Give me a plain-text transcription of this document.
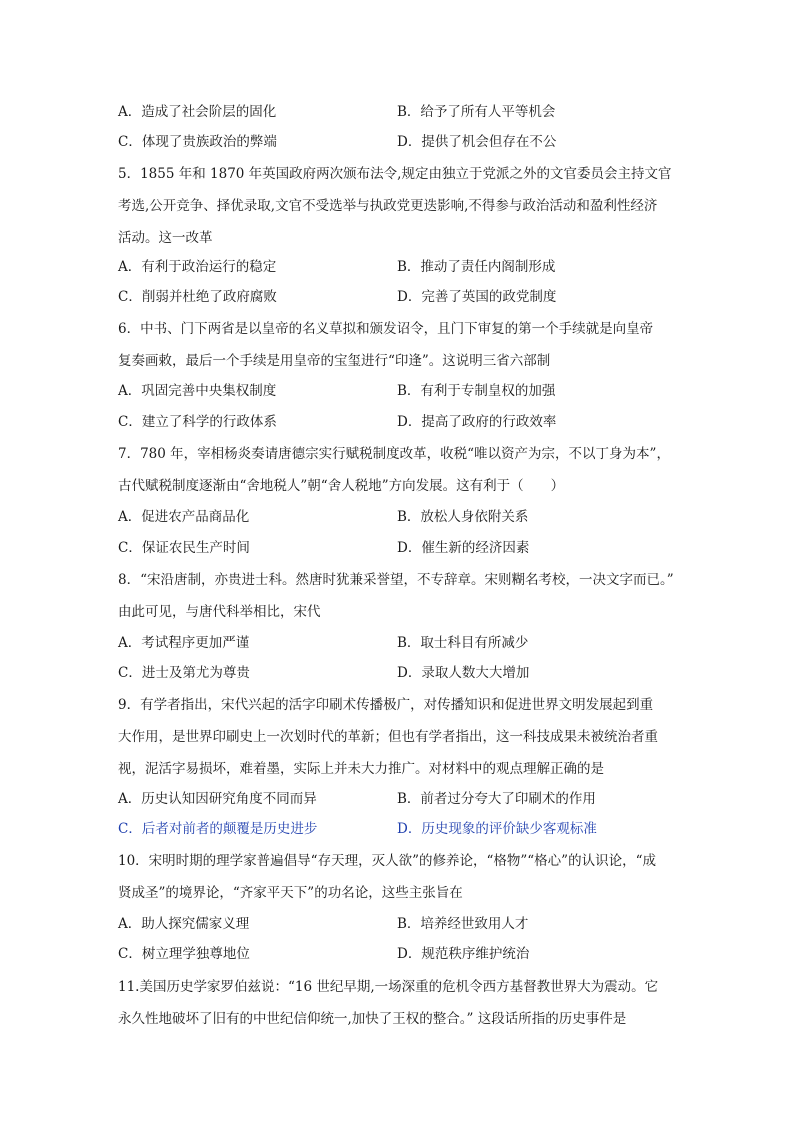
A．造成了社会阶层的固化	B．给予了所有人平等机会
C．体现了贵族政治的弊端	D．提供了机会但存在不公
5．1855 年和 1870 年英国政府两次颁布法令,规定由独立于党派之外的文官委员会主持文官
考选,公开竞争、择优录取,文官不受选举与执政党更迭影响,不得参与政治活动和盈利性经济
活动。这一改革
A．有利于政治运行的稳定	B．推动了责任内阁制形成
C．削弱并杜绝了政府腐败	D．完善了英国的政党制度
6．中书、门下两省是以皇帝的名义草拟和颁发诏令，且门下审复的第一个手续就是向皇帝
复奏画敕，最后一个手续是用皇帝的宝玺进行“印逢”。这说明三省六部制
A．巩固完善中央集权制度	B．有利于专制皇权的加强
C．建立了科学的行政体系	D．提高了政府的行政效率
7．780 年，宰相杨炎奏请唐德宗实行赋税制度改革，收税“唯以资产为宗，不以丁身为本”，
古代赋税制度逐渐由“舍地税人”朝“舍人税地”方向发展。这有利于（　　）
A．促进农产品商品化	B．放松人身依附关系
C．保证农民生产时间	D．催生新的经济因素
8．“宋沿唐制，亦贵进士科。然唐时犹兼采誉望，不专辞章。宋则糊名考校，一决文字而已。”
由此可见，与唐代科举相比，宋代
A．考试程序更加严谨	B．取士科目有所减少
C．进士及第尤为尊贵	D．录取人数大大增加
9．有学者指出，宋代兴起的活字印刷术传播极广，对传播知识和促进世界文明发展起到重
大作用，是世界印刷史上一次划时代的革新；但也有学者指出，这一科技成果未被统治者重
视，泥活字易损坏，难着墨，实际上并未大力推广。对材料中的观点理解正确的是
A．历史认知因研究角度不同而异	B．前者过分夸大了印刷术的作用
C．后者对前者的颠覆是历史进步	D．历史现象的评价缺少客观标准
10．宋明时期的理学家普遍倡导“存天理，灭人欲”的修养论，“格物”“格心”的认识论，“成
贤成圣”的境界论，“齐家平天下”的功名论，这些主张旨在
A．助人探究儒家义理	B．培养经世致用人才
C．树立理学独尊地位	D．规范秩序维护统治
11.美国历史学家罗伯兹说：“16 世纪早期,一场深重的危机令西方基督教世界大为震动。它
永久性地破坏了旧有的中世纪信仰统一,加快了王权的整合。” 这段话所指的历史事件是
